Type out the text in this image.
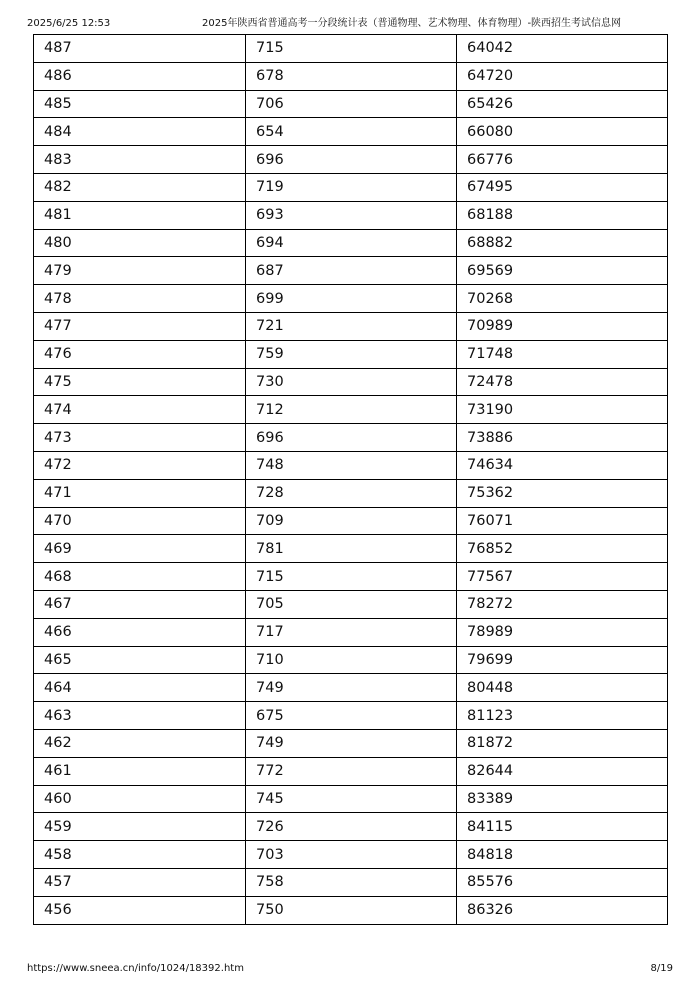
2025/6/25 12:53	2025年陕西省普通高考一分段统计表（普通物理、艺术物理、体育物理）-陕西招生考试信息网
487	715	64042
486	678	64720
485	706	65426
484	654	66080
483	696	66776
482	719	67495
481	693	68188
480	694	68882
479	687	69569
478	699	70268
477	721	70989
476	759	71748
475	730	72478
474	712	73190
473	696	73886
472	748	74634
471	728	75362
470	709	76071
469	781	76852
468	715	77567
467	705	78272
466	717	78989
465	710	79699
464	749	80448
463	675	81123
462	749	81872
461	772	82644
460	745	83389
459	726	84115
458	703	84818
457	758	85576
456	750	86326
https://www.sneea.cn/info/1024/18392.htm	8/19
